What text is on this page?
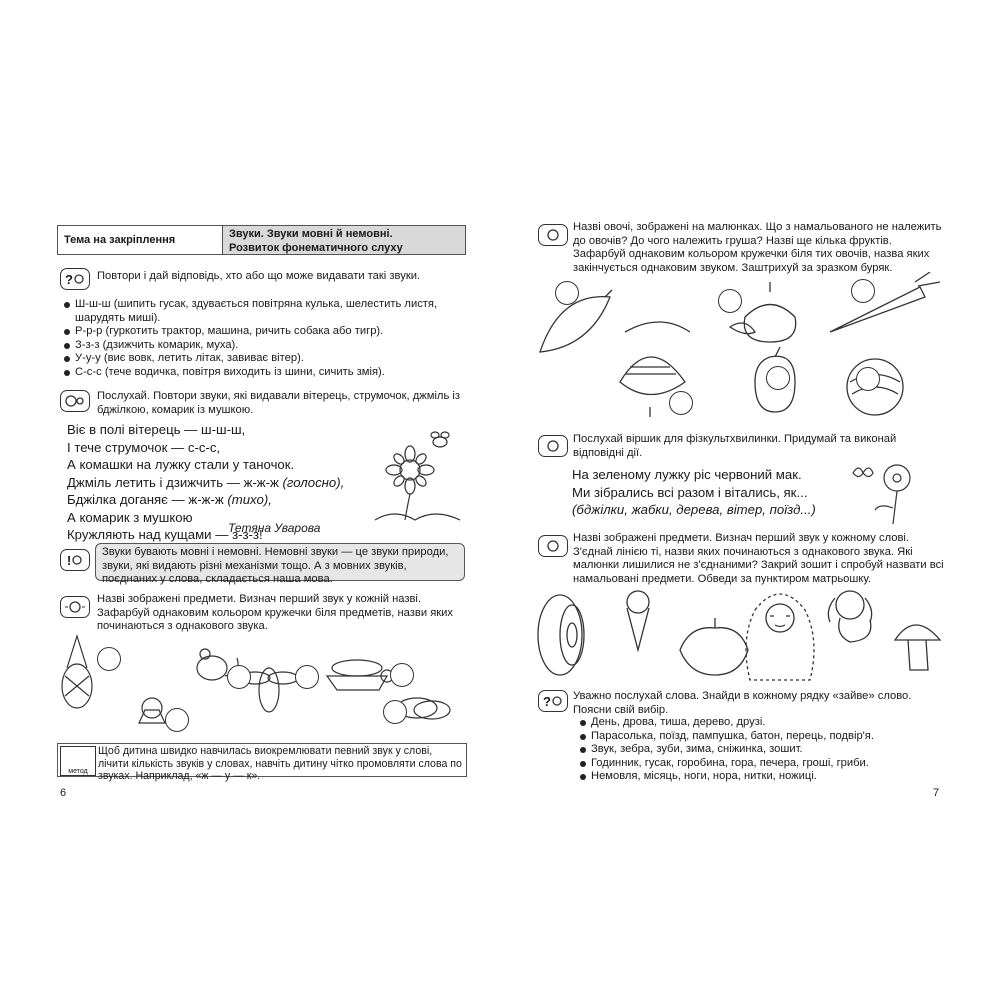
Тема на закріплення	Звуки. Звуки мовні й немовні.
Розвиток фонематичного слуху
?	Повтори і дай відповідь, хто або що може видавати такі звуки.
Ш-ш-ш (шипить гусак, здувається повітряна кулька, шелестить листя, шарудять миші).
Р-р-р (гуркотить трактор, машина, ричить собака або тигр).
З-з-з (дзижчить комарик, муха).
У-у-у (виє вовк, летить літак, завиває вітер).
С-с-с (тече водичка, повітря виходить із шини, сичить змія).
Послухай. Повтори звуки, які видавали вітерець, струмочок, джміль із бджілкою, комарик із мушкою.
Віє в полі вітерець — ш-ш-ш,
І тече струмочок — с-с-с,
А комашки на лужку стали у таночок.
Джміль летить і дзижчить — ж-ж-ж (голосно),
Бджілка доганяє — ж-ж-ж (тихо),
А комарик з мушкою
Кружляють над кущами — з-з-з!
Тетяна Уварова
!
Звуки бувають мовні і немовні. Немовні звуки — це звуки природи, звуки, які видають різні механізми тощо. А з мовних звуків, поєднаних у слова, складається наша мова.
Назві зображені предмети. Визнач перший звук у кожній назві. Зафарбуй однаковим кольором кружечки біля предметів, назви яких починаються з однакового звука.
метод
Щоб дитина швидко навчилась виокремлювати певний звук у слові, лічити кількість звуків у словах, навчіть дитину чітко промовляти слова по звуках. Наприклад, «ж — у — к».
6
Назві овочі, зображені на малюнках. Що з намальованого не належить до овочів? До чого належить груша? Назві ще кілька фруктів. Зафарбуй однаковим кольором кружечки біля тих овочів, назва яких закінчується однаковим звуком. Заштрихуй за зразком буряк.
Послухай віршик для фізкультхвилинки. Придумай та виконай відповідні дії.
На зеленому лужку ріс червоний мак.
Ми зібрались всі разом і вітались, як...
(бджілки, жабки, дерева, вітер, поїзд...)
Назві зображені предмети. Визнач перший звук у кожному слові. З'єднай лінією ті, назви яких починаються з однакового звука. Які малюнки лишилися не з'єднаними? Закрий зошит і спробуй назвати всі намальовані предмети. Обведи за пунктиром матрьошку.
?	Уважно послухай слова. Знайди в кожному рядку «зайве» слово. Поясни свій вибір.
День, дрова, тиша, дерево, друзі.
Парасолька, поїзд, пампушка, батон, перець, подвір'я.
Звук, зебра, зуби, зима, сніжинка, зошит.
Годинник, гусак, горобина, гора, печера, гроші, гриби.
Немовля, місяць, ноги, нора, нитки, ножиці.
7
